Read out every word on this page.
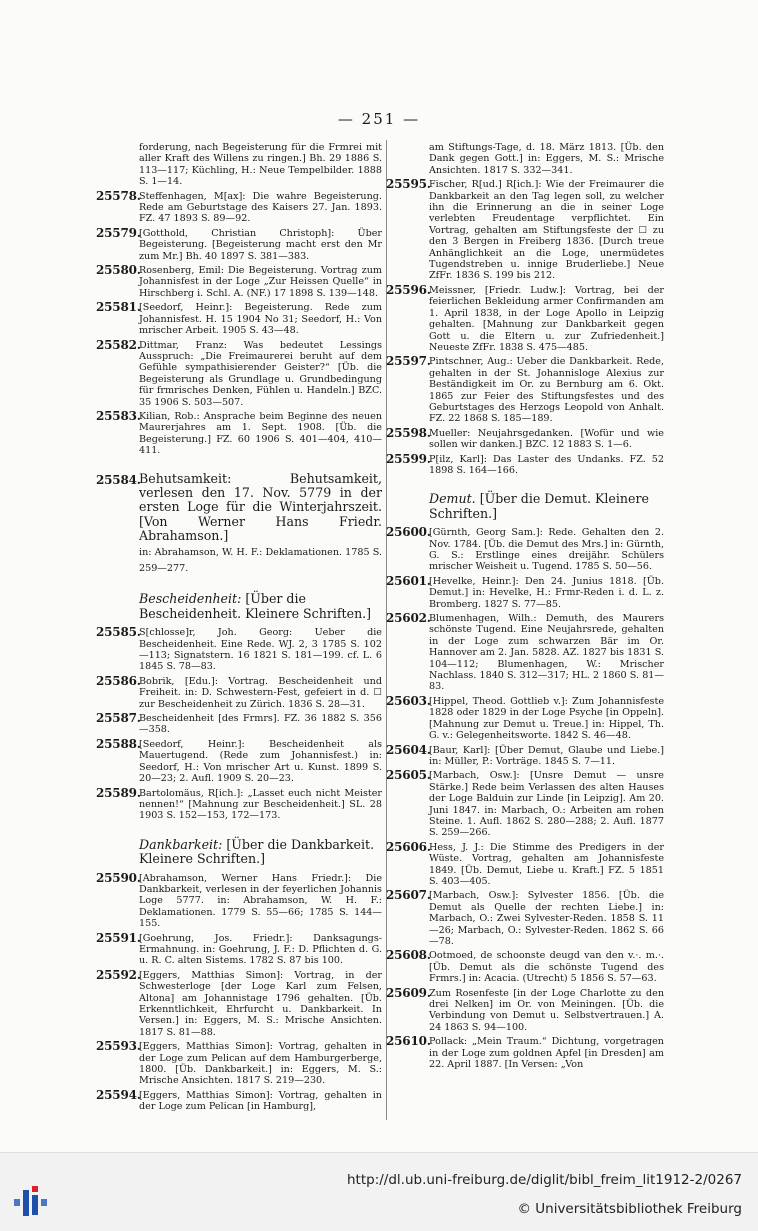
— 251 —
forderung, nach Begeisterung für die Frmrei mit aller Kraft des Willens zu ringen.] Bh. 29 1886 S. 113—117; Küchling, H.: Neue Tempelbilder. 1888 S. 1—14.
25578.
Steffenhagen, M[ax]: Die wahre Begeisterung. Rede am Geburtstage des Kaisers 27. Jan. 1893. FZ. 47 1893 S. 89—92.
25579.
[Gotthold, Christian Christoph]: Über Begeisterung. [Begeisterung macht erst den Mr zum Mr.] Bh. 40 1897 S. 381—383.
25580.
Rosenberg, Emil: Die Begeisterung. Vortrag zum Johannisfest in der Loge „Zur Heissen Quelle“ in Hirschberg i. Schl. A. (NF.) 17 1898 S. 139—148.
25581.
[Seedorf, Heinr.]: Begeisterung. Rede zum Johannisfest. H. 15 1904 No 31; Seedorf, H.: Von mrischer Arbeit. 1905 S. 43—48.
25582.
Dittmar, Franz: Was bedeutet Lessings Ausspruch: „Die Freimaurerei beruht auf dem Gefühle sympathisierender Geister?“ [Üb. die Begeisterung als Grundlage u. Grundbedingung für frmrisches Denken, Fühlen u. Handeln.] BZC. 35 1906 S. 503—507.
25583.
Kilian, Rob.: Ansprache beim Beginne des neuen Maurerjahres am 1. Sept. 1908. [Üb. die Begeisterung.] FZ. 60 1906 S. 401—404, 410—411.
25584.
Behutsamkeit: Behutsamkeit, verlesen den 17. Nov. 5779 in der ersten Loge für die Winterjahrszeit. [Von Werner Hans Friedr. Abrahamson.]
in: Abrahamson, W. H. F.: Deklamationen. 1785 S. 259—277.
Bescheidenheit: [Über die Bescheidenheit. Kleinere Schriften.]
25585.
S[chlosse]r, Joh. Georg: Ueber die Bescheidenheit. Eine Rede. WJ. 2, 3 1785 S. 102—113; Signatstern. 16 1821 S. 181—199. cf. L. 6 1845 S. 78—83.
25586.
Bobrik, [Edu.]: Vortrag. Bescheidenheit und Freiheit. in: D. Schwestern-Fest, gefeiert in d. ☐ zur Bescheidenheit zu Zürich. 1836 S. 28—31.
25587.
Bescheidenheit [des Frmrs]. FZ. 36 1882 S. 356—358.
25588.
[Seedorf, Heinr.]: Bescheidenheit als Mauertugend. (Rede zum Johannisfest.) in: Seedorf, H.: Von mrischer Art u. Kunst. 1899 S. 20—23; 2. Aufl. 1909 S. 20—23.
25589.
Bartolomäus, R[ich.]: „Lasset euch nicht Meister nennen!“ [Mahnung zur Bescheidenheit.] SL. 28 1903 S. 152—153, 172—173.
Dankbarkeit: [Über die Dankbarkeit. Kleinere Schriften.]
25590.
[Abrahamson, Werner Hans Friedr.]: Die Dankbarkeit, verlesen in der feyerlichen Johannis Loge 5777. in: Abrahamson, W. H. F.: Deklamationen. 1779 S. 55—66; 1785 S. 144—155.
25591.
[Goehrung, Jos. Friedr.]: Danksagungs-Ermahnung. in: Goehrung, J. F.: D. Pflichten d. G. u. R. C. alten Sistems. 1782 S. 87 bis 100.
25592.
[Eggers, Matthias Simon]: Vortrag, in der Schwesterloge [der Loge Karl zum Felsen, Altona] am Johannistage 1796 gehalten. [Üb. Erkenntlichkeit, Ehrfurcht u. Dankbarkeit. In Versen.] in: Eggers, M. S.: Mrische Ansichten. 1817 S. 81—88.
25593.
[Eggers, Matthias Simon]: Vortrag, gehalten in der Loge zum Pelican auf dem Hamburgerberge, 1800. [Üb. Dankbarkeit.] in: Eggers, M. S.: Mrische Ansichten. 1817 S. 219—230.
25594.
[Eggers, Matthias Simon]: Vortrag, gehalten in der Loge zum Pelican [in Hamburg],
am Stiftungs-Tage, d. 18. März 1813. [Üb. den Dank gegen Gott.] in: Eggers, M. S.: Mrische Ansichten. 1817 S. 332—341.
25595.
Fischer, R[ud.] R[ich.]: Wie der Freimaurer die Dankbarkeit an den Tag legen soll, zu welcher ihn die Erinnerung an die in seiner Loge verlebten Freudentage verpflichtet. Ein Vortrag, gehalten am Stiftungsfeste der ☐ zu den 3 Bergen in Freiberg 1836. [Durch treue Anhänglichkeit an die Loge, unermüdetes Tugendstreben u. innige Bruderliebe.] Neue ZfFr. 1836 S. 199 bis 212.
25596.
Meissner, [Friedr. Ludw.]: Vortrag, bei der feierlichen Bekleidung armer Confirmanden am 1. April 1838, in der Loge Apollo in Leipzig gehalten. [Mahnung zur Dankbarkeit gegen Gott u. die Eltern u. zur Zufriedenheit.] Neueste ZfFr. 1838 S. 475—485.
25597.
Pintschner, Aug.: Ueber die Dankbarkeit. Rede, gehalten in der St. Johannisloge Alexius zur Beständigkeit im Or. zu Bernburg am 6. Okt. 1865 zur Feier des Stiftungsfestes und des Geburtstages des Herzogs Leopold von Anhalt. FZ. 22 1868 S. 185—189.
25598.
Mueller: Neujahrsgedanken. [Wofür und wie sollen wir danken.] BZC. 12 1883 S. 1—6.
25599.
P[ilz, Karl]: Das Laster des Undanks. FZ. 52 1898 S. 164—166.
Demut. [Über die Demut. Kleinere Schriften.]
25600.
[Gürnth, Georg Sam.]: Rede. Gehalten den 2. Nov. 1784. [Üb. die Demut des Mrs.] in: Gürnth, G. S.: Erstlinge eines dreijähr. Schülers mrischer Weisheit u. Tugend. 1785 S. 50—56.
25601.
[Hevelke, Heinr.]: Den 24. Junius 1818. [Üb. Demut.] in: Hevelke, H.: Frmr-Reden i. d. L. z. Bromberg. 1827 S. 77—85.
25602.
Blumenhagen, Wilh.: Demuth, des Maurers schönste Tugend. Eine Neujahrsrede, gehalten in der Loge zum schwarzen Bär im Or. Hannover am 2. Jan. 5828. AZ. 1827 bis 1831 S. 104—112; Blumenhagen, W.: Mrischer Nachlass. 1840 S. 312—317; HL. 2 1860 S. 81—83.
25603.
[Hippel, Theod. Gottlieb v.]: Zum Johannisfeste 1828 oder 1829 in der Loge Psyche [in Oppeln]. [Mahnung zur Demut u. Treue.] in: Hippel, Th. G. v.: Gelegenheitsworte. 1842 S. 46—48.
25604.
[Baur, Karl]: [Über Demut, Glaube und Liebe.] in: Müller, P.: Vorträge. 1845 S. 7—11.
25605.
[Marbach, Osw.]: [Unsre Demut — unsre Stärke.] Rede beim Verlassen des alten Hauses der Loge Balduin zur Linde [in Leipzig]. Am 20. Juni 1847. in: Marbach, O.: Arbeiten am rohen Steine. 1. Aufl. 1862 S. 280—288; 2. Aufl. 1877 S. 259—266.
25606.
Hess, J. J.: Die Stimme des Predigers in der Wüste. Vortrag, gehalten am Johannisfeste 1849. [Üb. Demut, Liebe u. Kraft.] FZ. 5 1851 S. 403—405.
25607.
[Marbach, Osw.]: Sylvester 1856. [Üb. die Demut als Quelle der rechten Liebe.] in: Marbach, O.: Zwei Sylvester-Reden. 1858 S. 11—26; Marbach, O.: Sylvester-Reden. 1862 S. 66—78.
25608.
Ootmoed, de schoonste deugd van den v.·. m.·. [Üb. Demut als die schönste Tugend des Frmrs.] in: Acacia. (Utrecht) 5 1856 S. 57—63.
25609.
Zum Rosenfeste [in der Loge Charlotte zu den drei Nelken] im Or. von Meiningen. [Üb. die Verbindung von Demut u. Selbstvertrauen.] A. 24 1863 S. 94—100.
25610.
Pollack: „Mein Traum.“ Dichtung, vorgetragen in der Loge zum goldnen Apfel [in Dresden] am 22. April 1887. [In Versen: „Von
http://dl.ub.uni-freiburg.de/diglit/bibl_freim_lit1912-2/0267
© Universitätsbibliothek Freiburg
